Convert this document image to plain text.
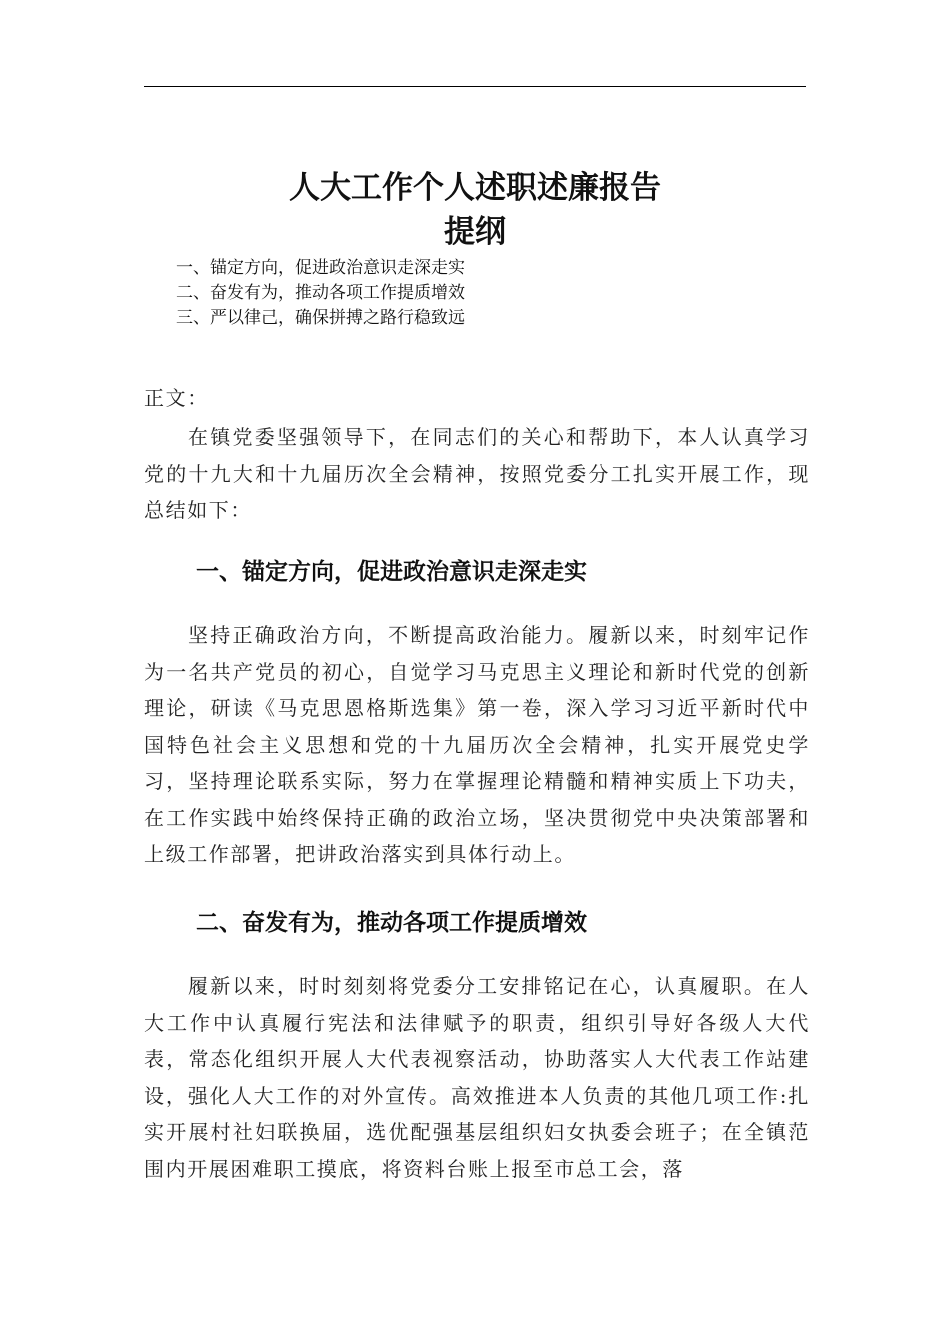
人大工作个人述职述廉报告
提纲
一、锚定方向，促进政治意识走深走实
二、奋发有为，推动各项工作提质增效
三、严以律己，确保拼搏之路行稳致远
正文：
在镇党委坚强领导下，在同志们的关心和帮助下，本人认真学习党的十九大和十九届历次全会精神，按照党委分工扎实开展工作，现总结如下：
一、锚定方向，促进政治意识走深走实
坚持正确政治方向，不断提高政治能力。履新以来，时刻牢记作为一名共产党员的初心，自觉学习马克思主义理论和新时代党的创新理论，研读《马克思恩格斯选集》第一卷，深入学习习近平新时代中国特色社会主义思想和党的十九届历次全会精神，扎实开展党史学习，坚持理论联系实际，努力在掌握理论精髓和精神实质上下功夫，在工作实践中始终保持正确的政治立场，坚决贯彻党中央决策部署和上级工作部署，把讲政治落实到具体行动上。
二、奋发有为，推动各项工作提质增效
履新以来，时时刻刻将党委分工安排铭记在心，认真履职。在人大工作中认真履行宪法和法律赋予的职责，组织引导好各级人大代表，常态化组织开展人大代表视察活动，协助落实人大代表工作站建设，强化人大工作的对外宣传。高效推进本人负责的其他几项工作:扎实开展村社妇联换届，选优配强基层组织妇女执委会班子；在全镇范围内开展困难职工摸底，将资料台账上报至市总工会，落
